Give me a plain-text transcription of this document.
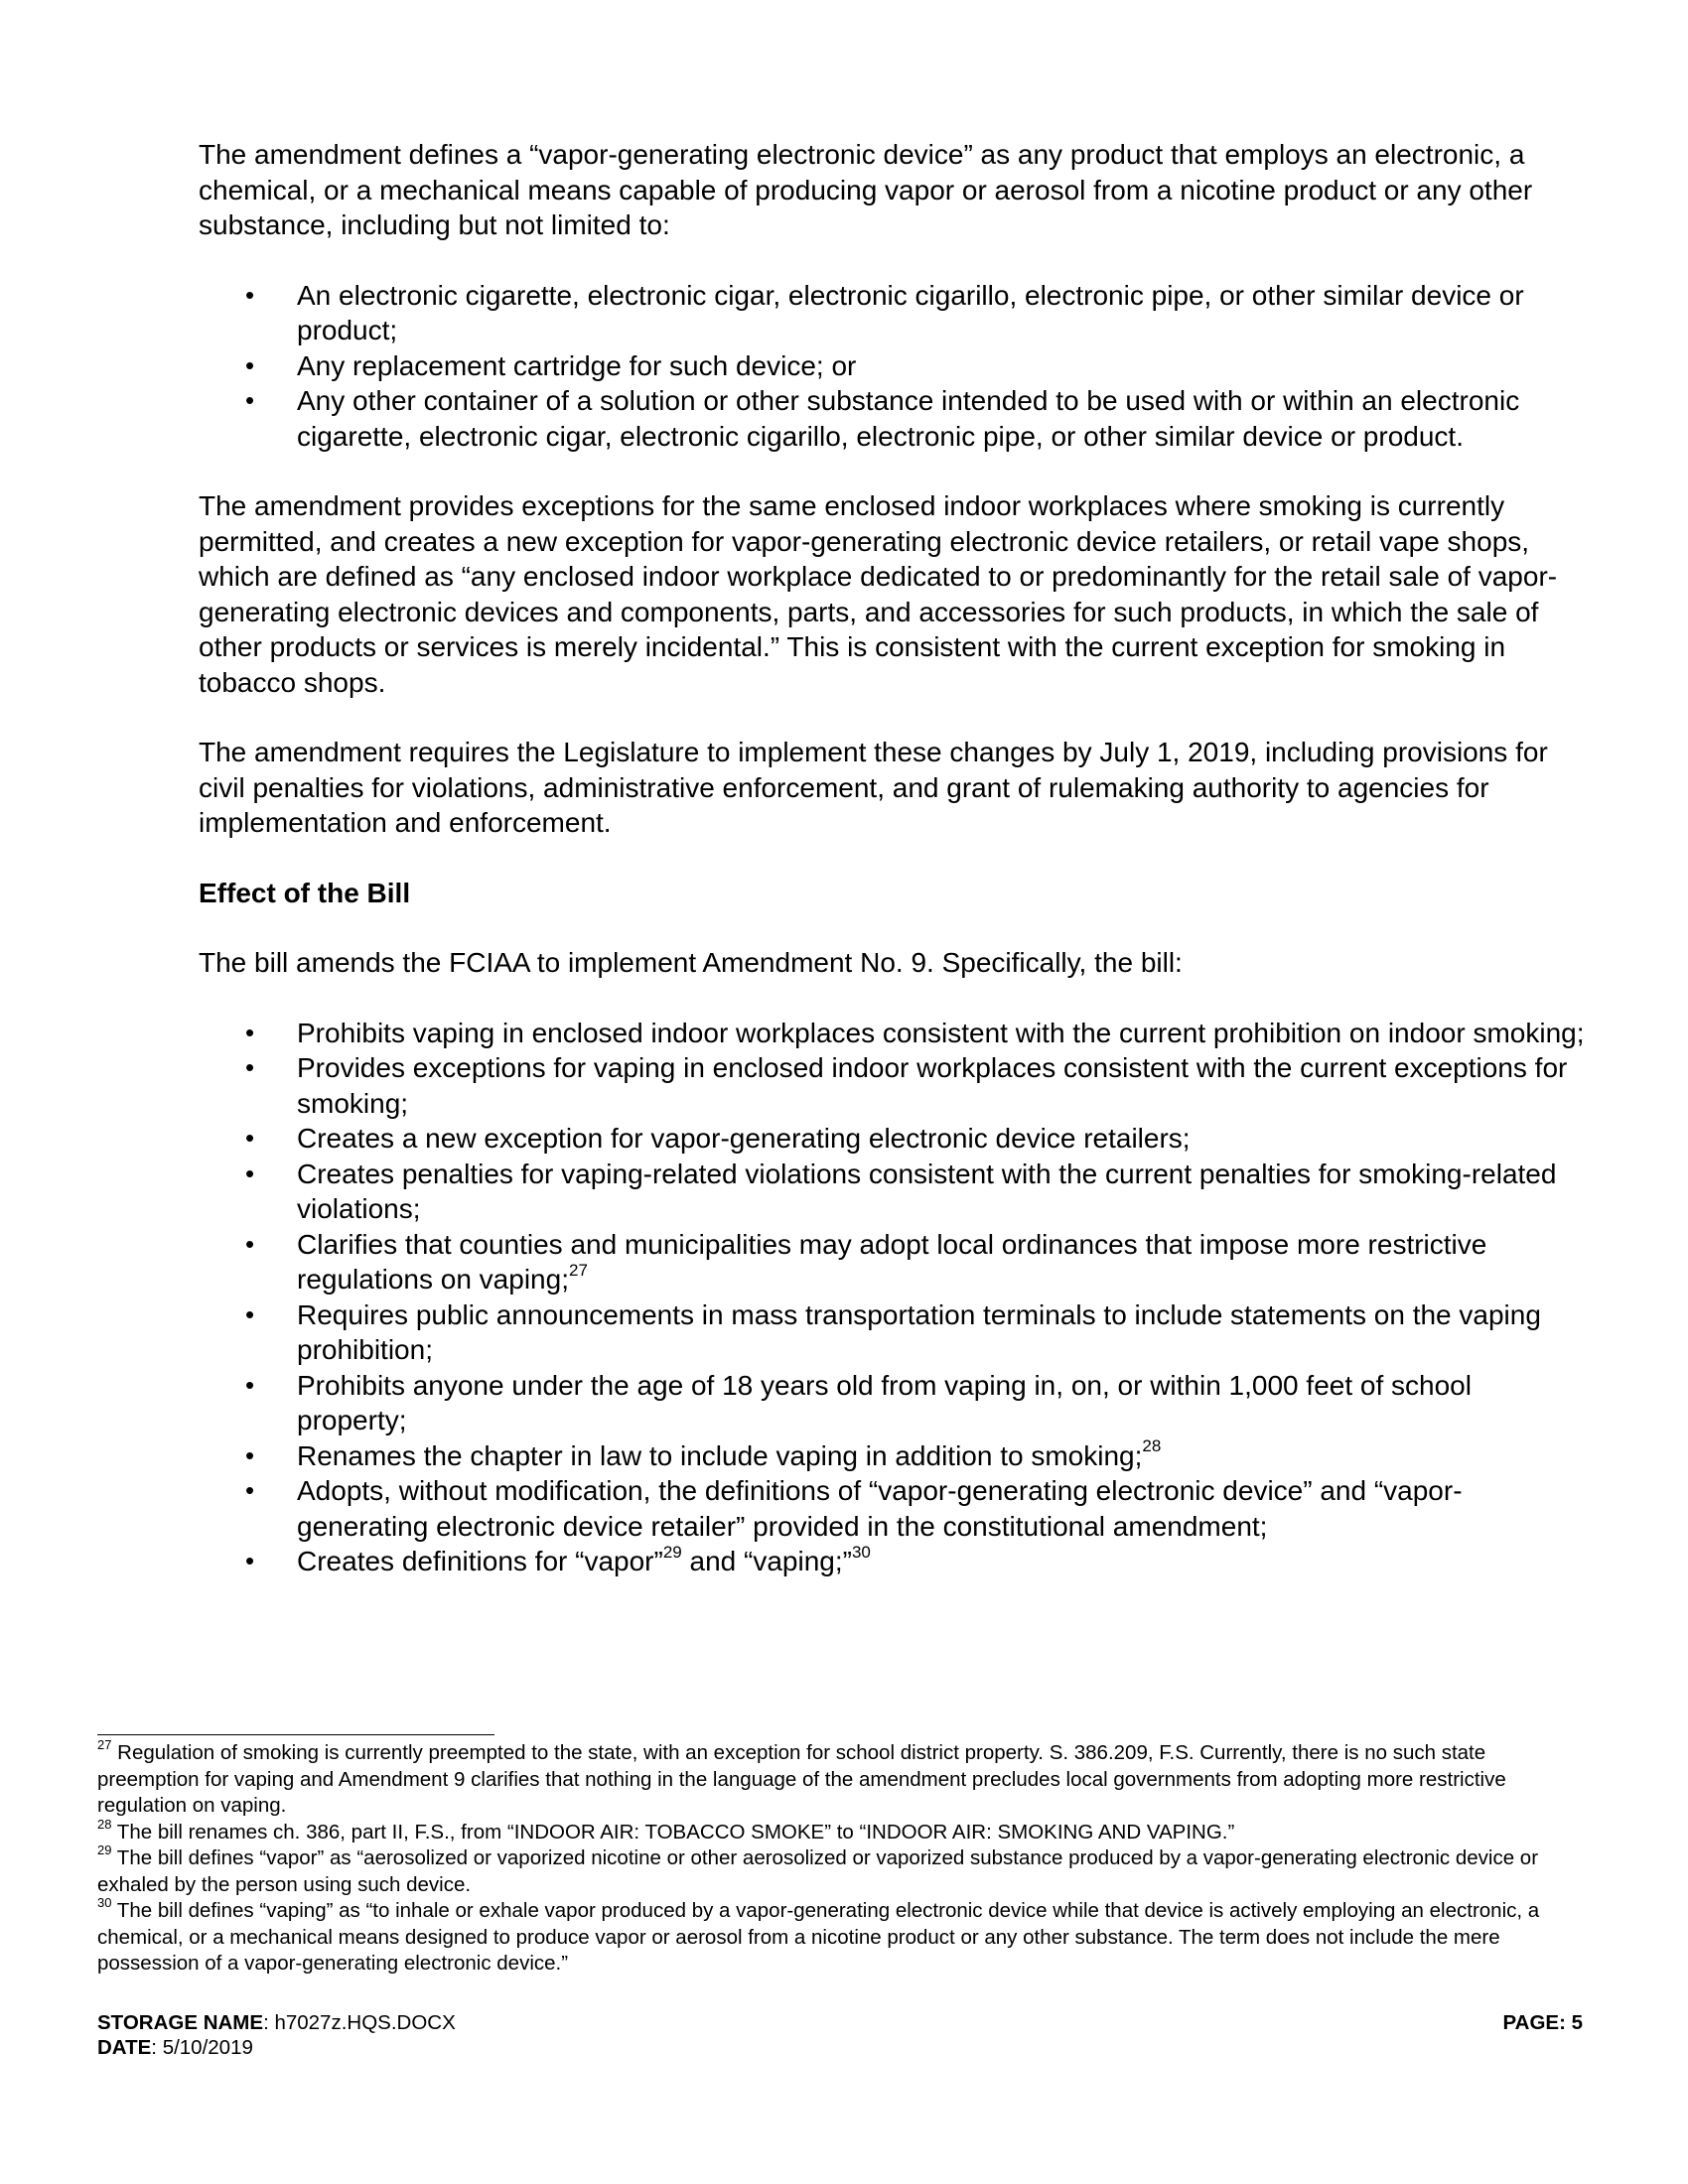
The amendment defines a “vapor-generating electronic device” as any product that employs an electronic, a chemical, or a mechanical means capable of producing vapor or aerosol from a nicotine product or any other substance, including but not limited to:

• An electronic cigarette, electronic cigar, electronic cigarillo, electronic pipe, or other similar device or product;
• Any replacement cartridge for such device; or
• Any other container of a solution or other substance intended to be used with or within an electronic cigarette, electronic cigar, electronic cigarillo, electronic pipe, or other similar device or product.

The amendment provides exceptions for the same enclosed indoor workplaces where smoking is currently permitted, and creates a new exception for vapor-generating electronic device retailers, or retail vape shops, which are defined as “any enclosed indoor workplace dedicated to or predominantly for the retail sale of vapor-generating electronic devices and components, parts, and accessories for such products, in which the sale of other products or services is merely incidental.” This is consistent with the current exception for smoking in tobacco shops.

The amendment requires the Legislature to implement these changes by July 1, 2019, including provisions for civil penalties for violations, administrative enforcement, and grant of rulemaking authority to agencies for implementation and enforcement.

Effect of the Bill

The bill amends the FCIAA to implement Amendment No. 9. Specifically, the bill:

• Prohibits vaping in enclosed indoor workplaces consistent with the current prohibition on indoor smoking;
• Provides exceptions for vaping in enclosed indoor workplaces consistent with the current exceptions for smoking;
• Creates a new exception for vapor-generating electronic device retailers;
• Creates penalties for vaping-related violations consistent with the current penalties for smoking-related violations;
• Clarifies that counties and municipalities may adopt local ordinances that impose more restrictive regulations on vaping;$^{27}$
• Requires public announcements in mass transportation terminals to include statements on the vaping prohibition;
• Prohibits anyone under the age of 18 years old from vaping in, on, or within 1,000 feet of school property;
• Renames the chapter in law to include vaping in addition to smoking;$^{28}$
• Adopts, without modification, the definitions of “vapor-generating electronic device” and “vapor-generating electronic device retailer” provided in the constitutional amendment;
• Creates definitions for “vapor”$^{29}$ and “vaping;”$^{30}$

$^{27}$ Regulation of smoking is currently preempted to the state, with an exception for school district property. S. 386.209, F.S. Currently, there is no such state preemption for vaping and Amendment 9 clarifies that nothing in the language of the amendment precludes local governments from adopting more restrictive regulation on vaping.

$^{28}$ The bill renames ch. 386, part II, F.S., from “INDOOR AIR: TOBACCO SMOKE” to “INDOOR AIR: SMOKING AND VAPING.”

$^{29}$ The bill defines “vapor” as “aerosolized or vaporized nicotine or other aerosolized or vaporized substance produced by a vapor-generating electronic device or exhaled by the person using such device.

$^{30}$ The bill defines “vaping” as “to inhale or exhale vapor produced by a vapor-generating electronic device while that device is actively employing an electronic, a chemical, or a mechanical means designed to produce vapor or aerosol from a nicotine product or any other substance. The term does not include the mere possession of a vapor-generating electronic device.”

STORAGE NAME: h7027z.HQS.DOCX	PAGE: 5
DATE: 5/10/2019
